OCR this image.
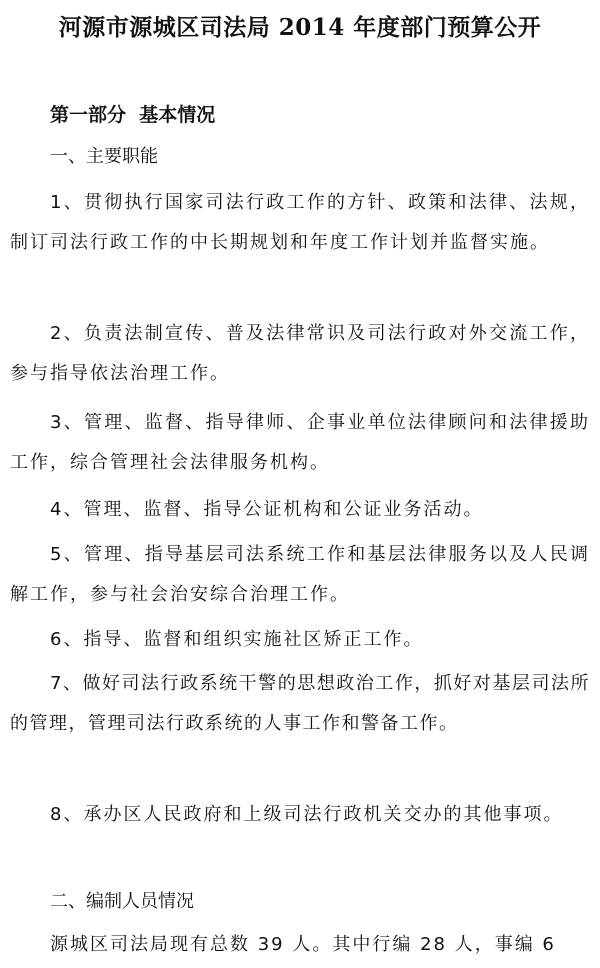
河源市源城区司法局 2014 年度部门预算公开
第一部分  基本情况
一、主要职能

1、贯彻执行国家司法行政工作的方针、政策和法律、法规，制订司法行政工作的中长期规划和年度工作计划并监督实施。

2、负责法制宣传、普及法律常识及司法行政对外交流工作，参与指导依法治理工作。

3、管理、监督、指导律师、企事业单位法律顾问和法律援助工作，综合管理社会法律服务机构。

4、管理、监督、指导公证机构和公证业务活动。

5、管理、指导基层司法系统工作和基层法律服务以及人民调解工作，参与社会治安综合治理工作。

6、指导、监督和组织实施社区矫正工作。

7、做好司法行政系统干警的思想政治工作，抓好对基层司法所的管理，管理司法行政系统的人事工作和警备工作。

8、承办区人民政府和上级司法行政机关交办的其他事项。

二、编制人员情况

源城区司法局现有总数 39 人。其中行编 28 人，事编 6
